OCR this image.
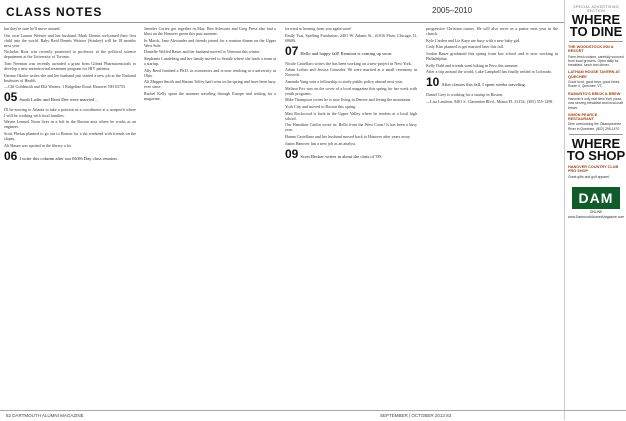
CLASS NOTES	2005–2010

but they're sure he'll move around.

Our own Lauren Weisser and her husband, Mark Dennis welcomed their first child into the world. Baby Reid Dennis Weisser (Stinkey) will be 18 months next year.

Nicholas Ruiz was recently promoted to professor in the political science department at the University of Toronto.

Tom Neeman was recently awarded a grant from Gilead Pharmaceuticals to develop a new antiretroviral treatment program for HIV patients.

Ifeoma Okafor writes she and her husband just started a new job at the National Institutes of Health.

—Clif Goldsmith and Ella Warner, 1 Ridgeline Road, Hanover NH 03755.

05 Sarah Loder and Brett Dee were married ...

I'll be moving to Atlanta to take a position as a coordinator at a nonprofit where I will be working with local families.

Wayne Lemuel Noon lives in a loft in the Boston area where he works as an engineer.

Scott Phelan planned to go out to Boston for a ski weekend with friends on the slopes.

Ali Hasan was spotted in the library a lot.

06 I write this column after our 06/06 Day class reunion.

Jennifer Cortez got together in May. Ben Schwartz and Greg Press also had a blast on the Hanover green this past summer.

In March, Jane Alexander and friends joined for a reunion dinner on the Upper West Side.

Danielle Wolfed Bauer and her husband moved to Vermont this winter.

Stephanie Lundeberg and her family moved to Seattle where she leads a team at a startup.

Ally Reed finished a Ph.D. in economics and is now teaching at a university in Ohio.

Ali Muppet Smith and Haram Tolfey had twins in the spring and have been busy ever since.

Rachel Kelly spent the summer traveling through Europe and writing for a magazine.

forward to hearing from you again soon!

Emily Tsai, Spelling Fundraiser, 2401 W. Adams St., #1016 Plain. Chicago, IL 60606.

07 Hello and happy fall! Reunion is coming up soon.

Nicole Castellaro writes she has been working on a new project in New York.

Adam Lorbes and Jessica Gonzalez '06 were married at a small ceremony in Norwich.

Amanda Yang won a fellowship to study public policy abroad next year.

Melissa Fox was on the cover of a local magazine this spring for her work with youth programs.

Mike Thompson writes he is now living in Denver and loving the mountains.

York City and moved to Boston this spring.

Matt Rockwood is back in the Upper Valley where he teaches at a local high school.

Our Hamilton Caitlin wrote in: Hello from the West Coast! It has been a busy year.

Hanna Castellano and her husband moved back to Hanover after years away.

Justin Hanover has a new job as an analyst.

09 Scott Becker writes in about the class of '09.

progressive Christian causes. He will also serve as a pastor next year in the church.

Kyle Carden and Liz Kaye are busy with a new baby girl.

Cody Kim planned to get married later this fall.

Jordan Bauer graduated this spring from law school and is now working in Philadelphia.

Kelly Dahl and friends went hiking in Peru this summer.

After a trip around the world, Luke Campbell has finally settled in Colorado.

10 After classes this fall, I spent weeks traveling.

Daniel Grey is working for a startup in Boston.

—Lisa Landron, 9401 S. Clarendon Blvd., Miami FL 33152; (305) 555-1298.

SPECIAL ADVERTISING SECTION
WHERE TO DINE
THE WOODSTOCK INN & RESORT
Farm-fresh cuisine, carefully sourced from local growers. Open daily for breakfast, lunch and dinner.
LATHAM HOUSE TAVERN AT QUECHEE
Good food, good beer, good times. Route 4, Quechee, VT.
RAMUNTO'S BRICK & BREW
Hanover's only real New York pizza, now serving breakfast and local craft brews.
SIMON PEARCE RESTAURANT
Dine overlooking the Ottauquechee River in Quechee. (802) 295-1470
WHERE TO SHOP
HANOVER COUNTRY CLUB PRO SHOP
Great gifts and golf apparel.
DAM
ONLINE
www.DartmouthAlumniMagazine.com
82 DARTMOUTH ALUMNI MAGAZINE	SEPTEMBER | OCTOBER 2013 83
